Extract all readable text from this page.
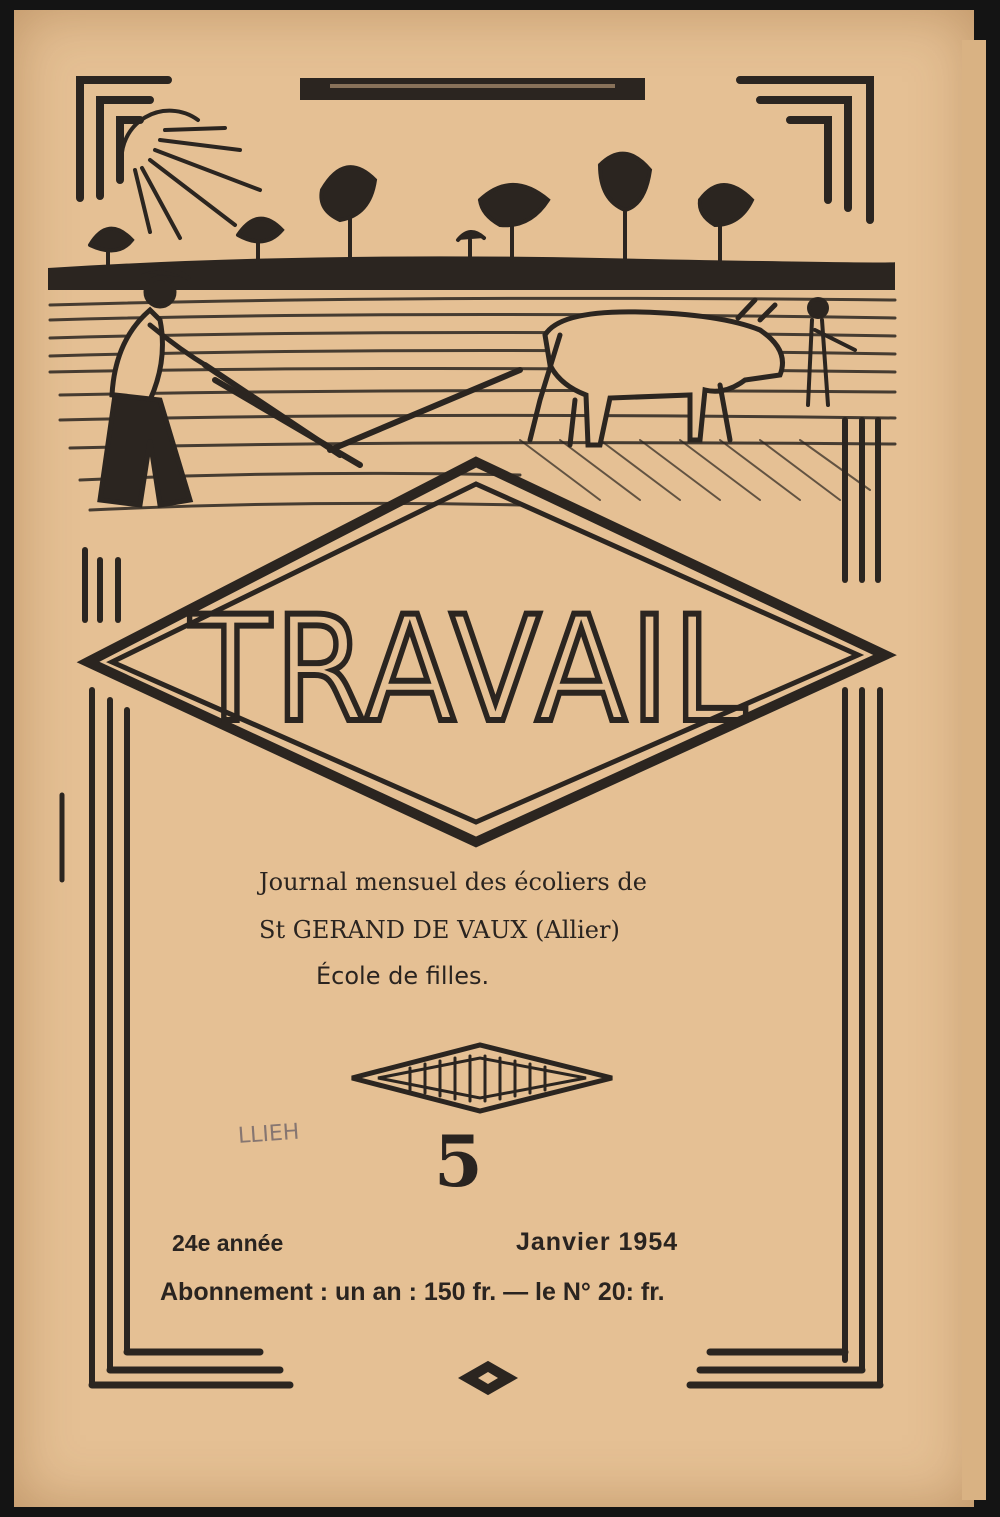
LLIEH
TRAVAIL

Journal mensuel des écoliers de

St GERAND DE VAUX (Allier)

École de filles.

5

24e année	Janvier 1954

Abonnement : un an : 150 fr. — le N° 20: fr.
